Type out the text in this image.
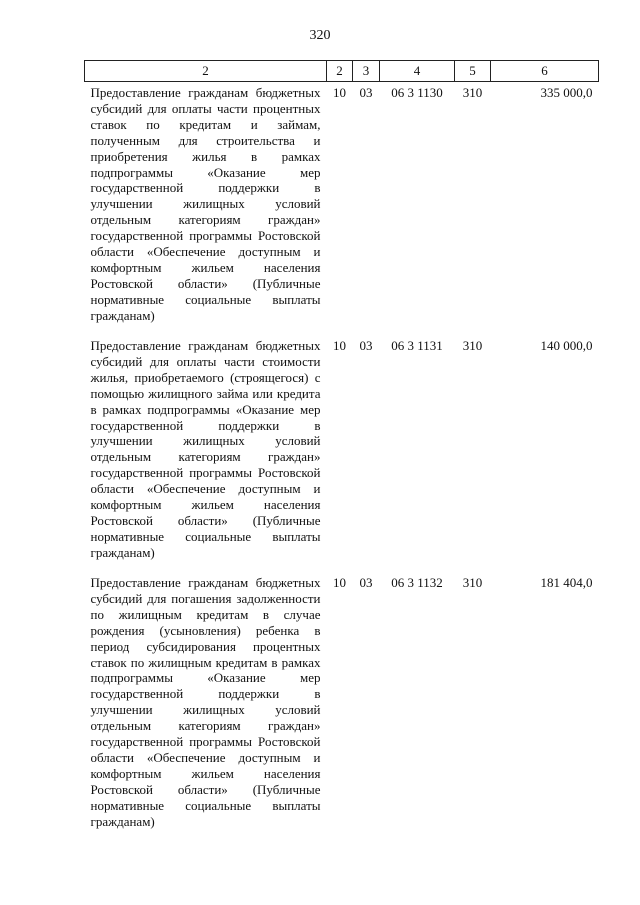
320
2	2	3	4	5	6
Предоставление гражданам бюджетных субсидий для оплаты части процентных ставок по кредитам и займам, полученным для строительства и приобретения жилья в рамках подпрограммы «Оказание мер государственной поддержки в улучшении жилищных условий отдельным категориям граждан» государственной программы Ростовской области «Обеспечение доступным и комфортным жильем населения Ростовской области» (Публичные нормативные социальные выплаты гражданам)	10	03	06 3 1130	310	335 000,0
Предоставление гражданам бюджетных субсидий для оплаты части стоимости жилья, приобретаемого (строящегося) с помощью жилищного займа или кредита в рамках подпрограммы «Оказание мер государственной поддержки в улучшении жилищных условий отдельным категориям граждан» государственной программы Ростовской области «Обеспечение доступным и комфортным жильем населения Ростовской области» (Публичные нормативные социальные выплаты гражданам)	10	03	06 3 1131	310	140 000,0
Предоставление гражданам бюджетных субсидий для погашения задолженности по жилищным кредитам в случае рождения (усыновления) ребенка в период субсидирования процентных ставок по жилищным кредитам в рамках подпрограммы «Оказание мер государственной поддержки в улучшении жилищных условий отдельным категориям граждан» государственной программы Ростовской области «Обеспечение доступным и комфортным жильем населения Ростовской области» (Публичные нормативные социальные выплаты гражданам)	10	03	06 3 1132	310	181 404,0
